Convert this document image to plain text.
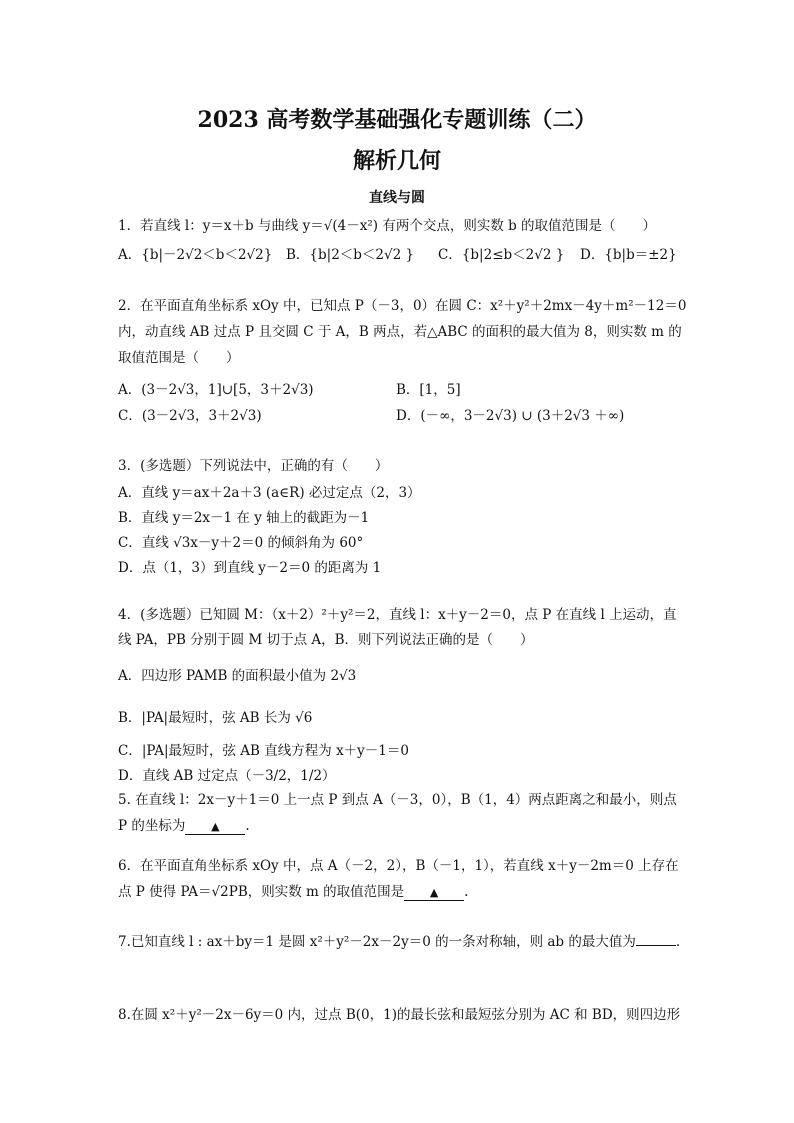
2023 高考数学基础强化专题训练（二）
解析几何
直线与圆
1．若直线 l：y＝x＋b 与曲线 y＝√(4－x²) 有两个交点，则实数 b 的取值范围是（　　）
A．{b|－2√2＜b＜2√2} B．{b|2＜b＜2√2 } C．{b|2≤b＜2√2 } D．{b|b＝±2}
2．在平面直角坐标系 xOy 中，已知点 P（－3，0）在圆 C：x²＋y²＋2mx－4y＋m²－12＝0
内，动直线 AB 过点 P 且交圆 C 于 A，B 两点，若△ABC 的面积的最大值为 8，则实数 m 的
取值范围是（　　）
A．(3－2√3，1]∪[5，3＋2√3)	B．[1，5]
C．(3－2√3，3＋2√3)	D．(－∞，3－2√3) ∪ (3＋2√3 ＋∞)
3．(多选题）下列说法中，正确的有（　　）
A．直线 y＝ax＋2a＋3 (a∈R) 必过定点（2，3）
B．直线 y＝2x－1 在 y 轴上的截距为－1
C．直线 √3x－y＋2＝0 的倾斜角为 60°
D．点（1，3）到直线 y－2＝0 的距离为 1
4．(多选题）已知圆 M：（x＋2）²＋y²＝2，直线 l：x＋y－2＝0，点 P 在直线 l 上运动，直
线 PA，PB 分别于圆 M 切于点 A，B．则下列说法正确的是（　　）
A．四边形 PAMB 的面积最小值为 2√3
B．|PA|最短时，弦 AB 长为 √6
C．|PA|最短时，弦 AB 直线方程为 x＋y－1＝0
D．直线 AB 过定点（－3/2，1/2）
5. 在直线 l：2x－y＋1＝0 上一点 P 到点 A（－3，0），B（1，4）两点距离之和最小，则点
P 的坐标为 ▲ .
6．在平面直角坐标系 xOy 中，点 A（－2，2），B（－1，1），若直线 x＋y－2m＝0 上存在
点 P 使得 PA＝√2PB，则实数 m 的取值范围是 ▲ .
7.已知直线 l : ax＋by＝1 是圆 x²＋y²－2x－2y＝0 的一条对称轴，则 ab 的最大值为	.
8.在圆 x²＋y²－2x－6y＝0 内，过点 B(0，1)的最长弦和最短弦分别为 AC 和 BD，则四边形
